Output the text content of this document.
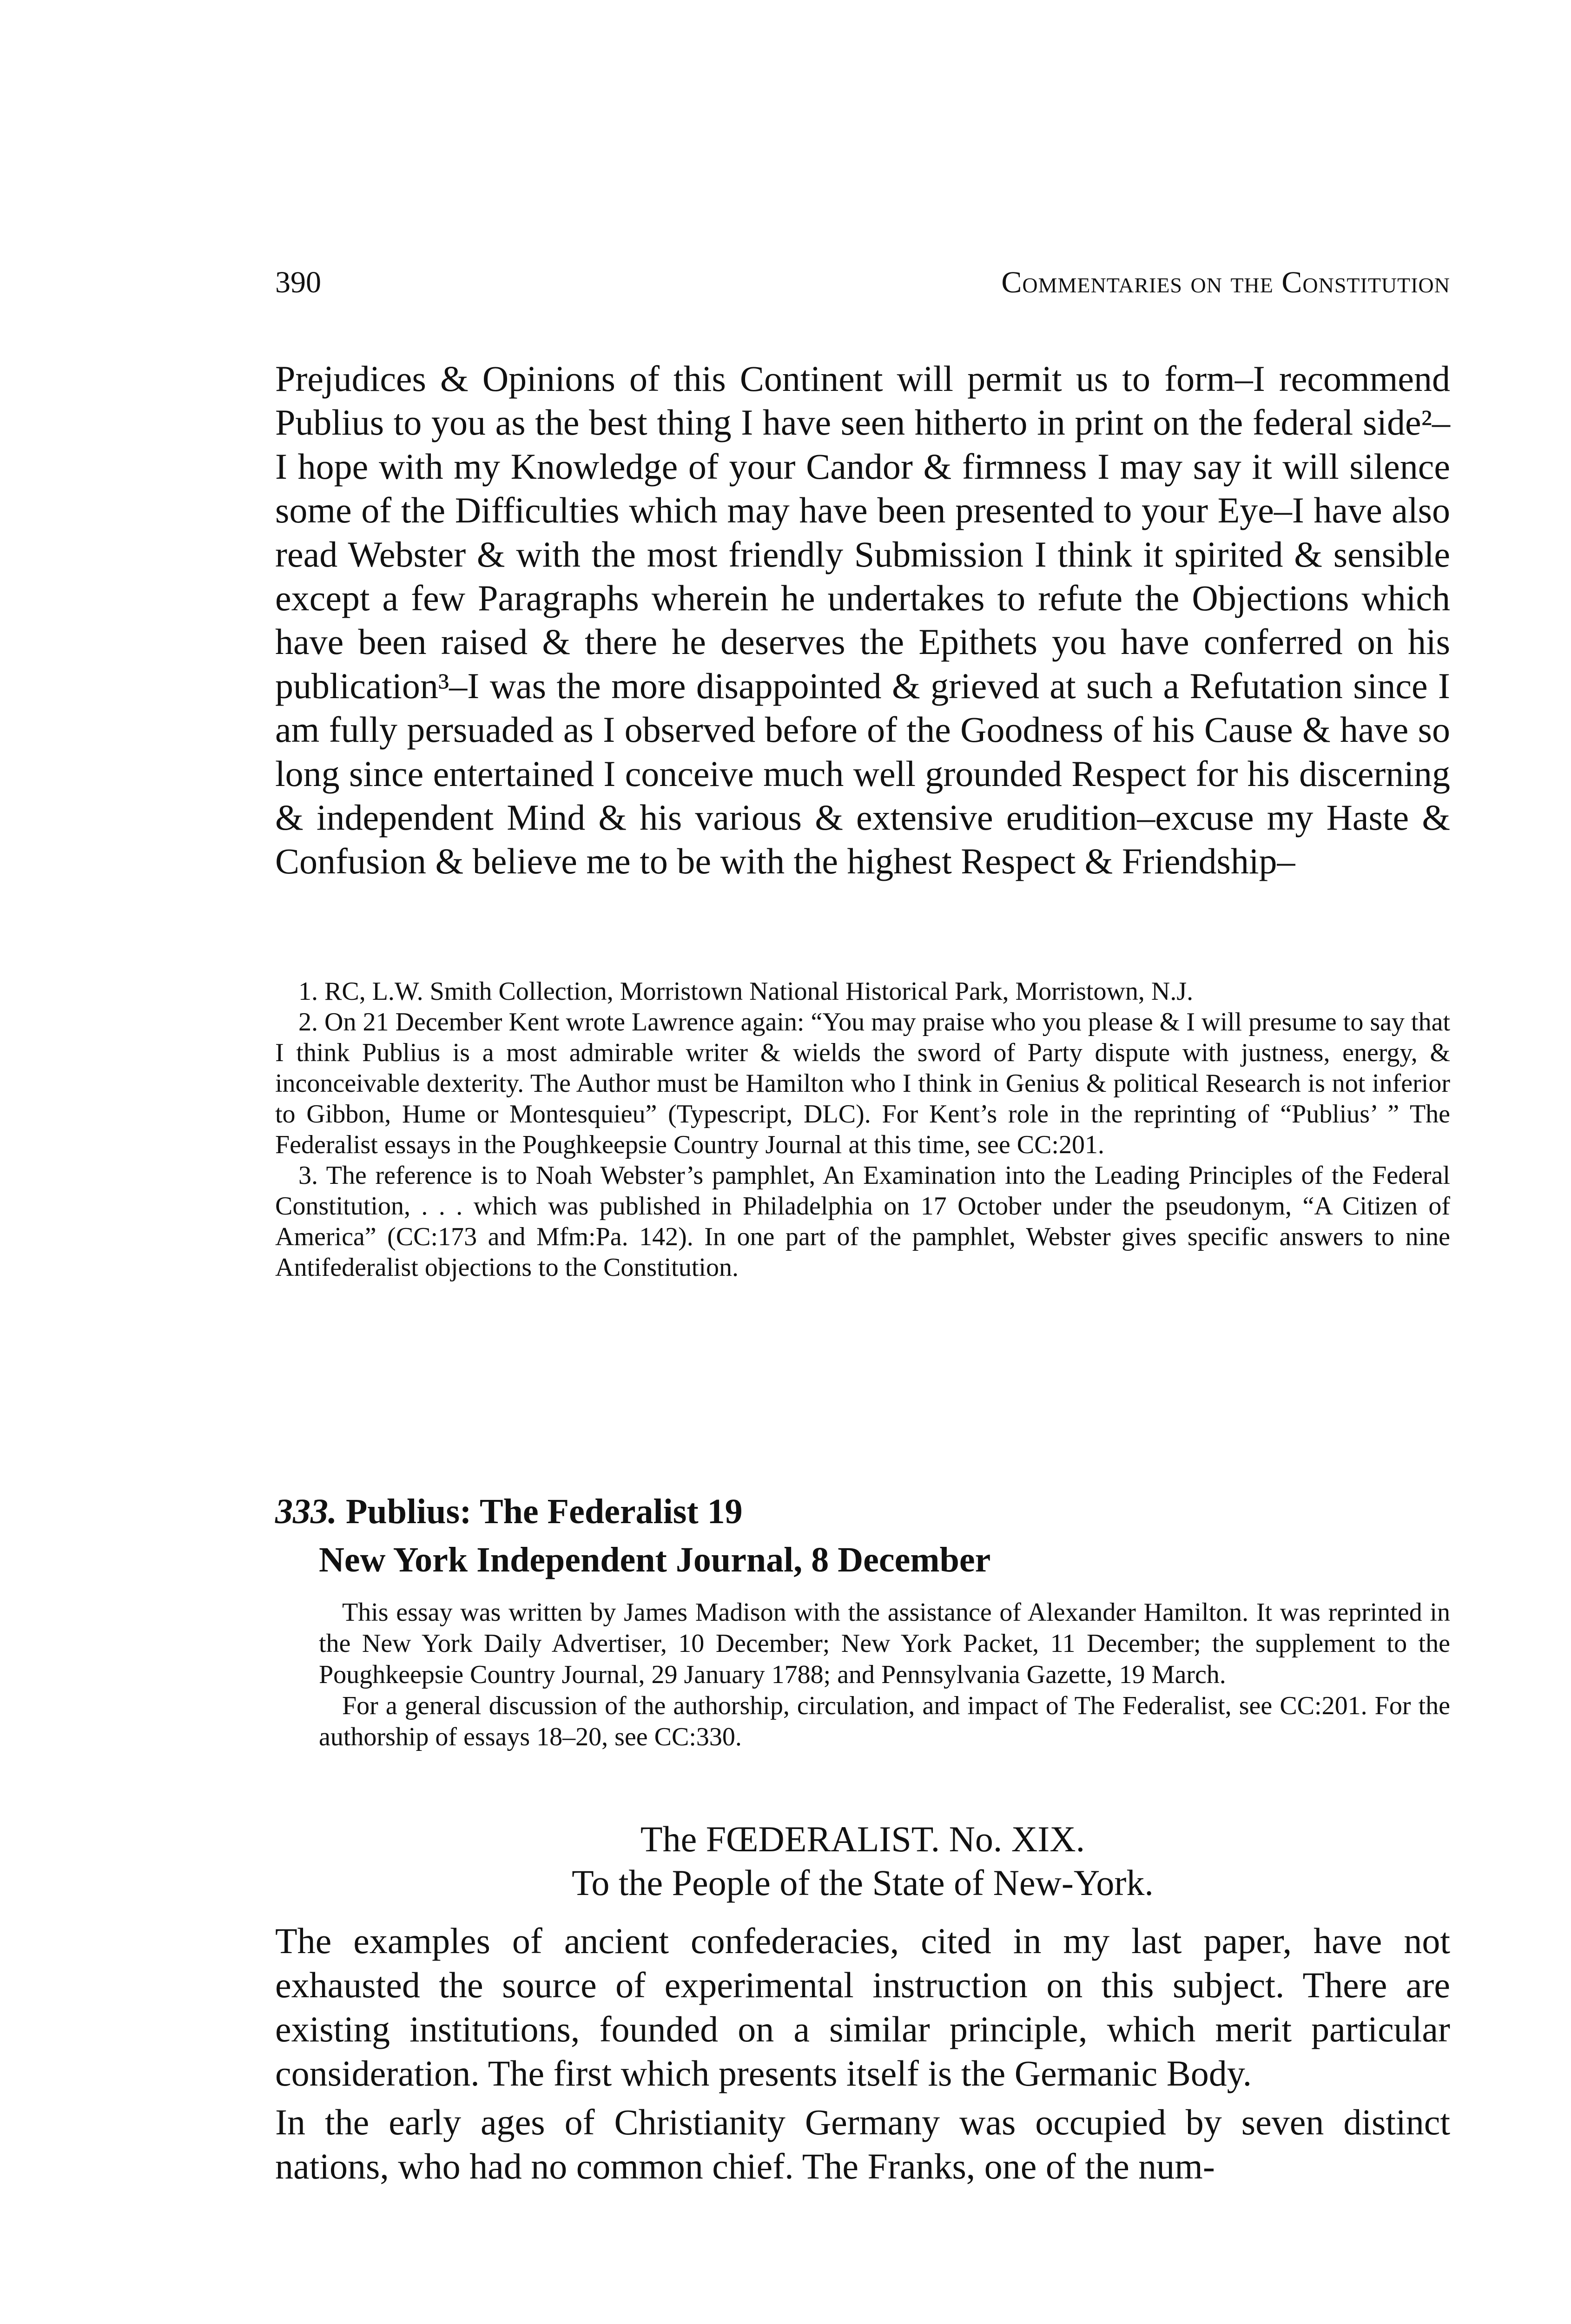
390	Commentaries on the Constitution
Prejudices & Opinions of this Continent will permit us to form–I recommend Publius to you as the best thing I have seen hitherto in print on the federal side²–I hope with my Knowledge of your Candor & firmness I may say it will silence some of the Difficulties which may have been presented to your Eye–I have also read Webster & with the most friendly Submission I think it spirited & sensible except a few Paragraphs wherein he undertakes to refute the Objections which have been raised & there he deserves the Epithets you have conferred on his publication³–I was the more disappointed & grieved at such a Refutation since I am fully persuaded as I observed before of the Goodness of his Cause & have so long since entertained I conceive much well grounded Respect for his discerning & independent Mind & his various & extensive erudition–excuse my Haste & Confusion & believe me to be with the highest Respect & Friendship–

1. RC, L.W. Smith Collection, Morristown National Historical Park, Morristown, N.J.

2. On 21 December Kent wrote Lawrence again: “You may praise who you please & I will presume to say that I think Publius is a most admirable writer & wields the sword of Party dispute with justness, energy, & inconceivable dexterity. The Author must be Hamilton who I think in Genius & political Research is not inferior to Gibbon, Hume or Montesquieu” (Typescript, DLC). For Kent’s role in the reprinting of “Publius’ ” The Federalist essays in the Poughkeepsie Country Journal at this time, see CC:201.

3. The reference is to Noah Webster’s pamphlet, An Examination into the Leading Principles of the Federal Constitution, . . . which was published in Philadelphia on 17 October under the pseudonym, “A Citizen of America” (CC:173 and Mfm:Pa. 142). In one part of the pamphlet, Webster gives specific answers to nine Antifederalist objections to the Constitution.

333. Publius: The Federalist 19
New York Independent Journal, 8 December

This essay was written by James Madison with the assistance of Alexander Hamilton. It was reprinted in the New York Daily Advertiser, 10 December; New York Packet, 11 December; the supplement to the Poughkeepsie Country Journal, 29 January 1788; and Pennsylvania Gazette, 19 March.

For a general discussion of the authorship, circulation, and impact of The Federalist, see CC:201. For the authorship of essays 18–20, see CC:330.

The FŒDERALIST. No. XIX.
To the People of the State of New-York.

The examples of ancient confederacies, cited in my last paper, have not exhausted the source of experimental instruction on this subject. There are existing institutions, founded on a similar principle, which merit particular consideration. The first which presents itself is the Germanic Body.

In the early ages of Christianity Germany was occupied by seven distinct nations, who had no common chief. The Franks, one of the num-
